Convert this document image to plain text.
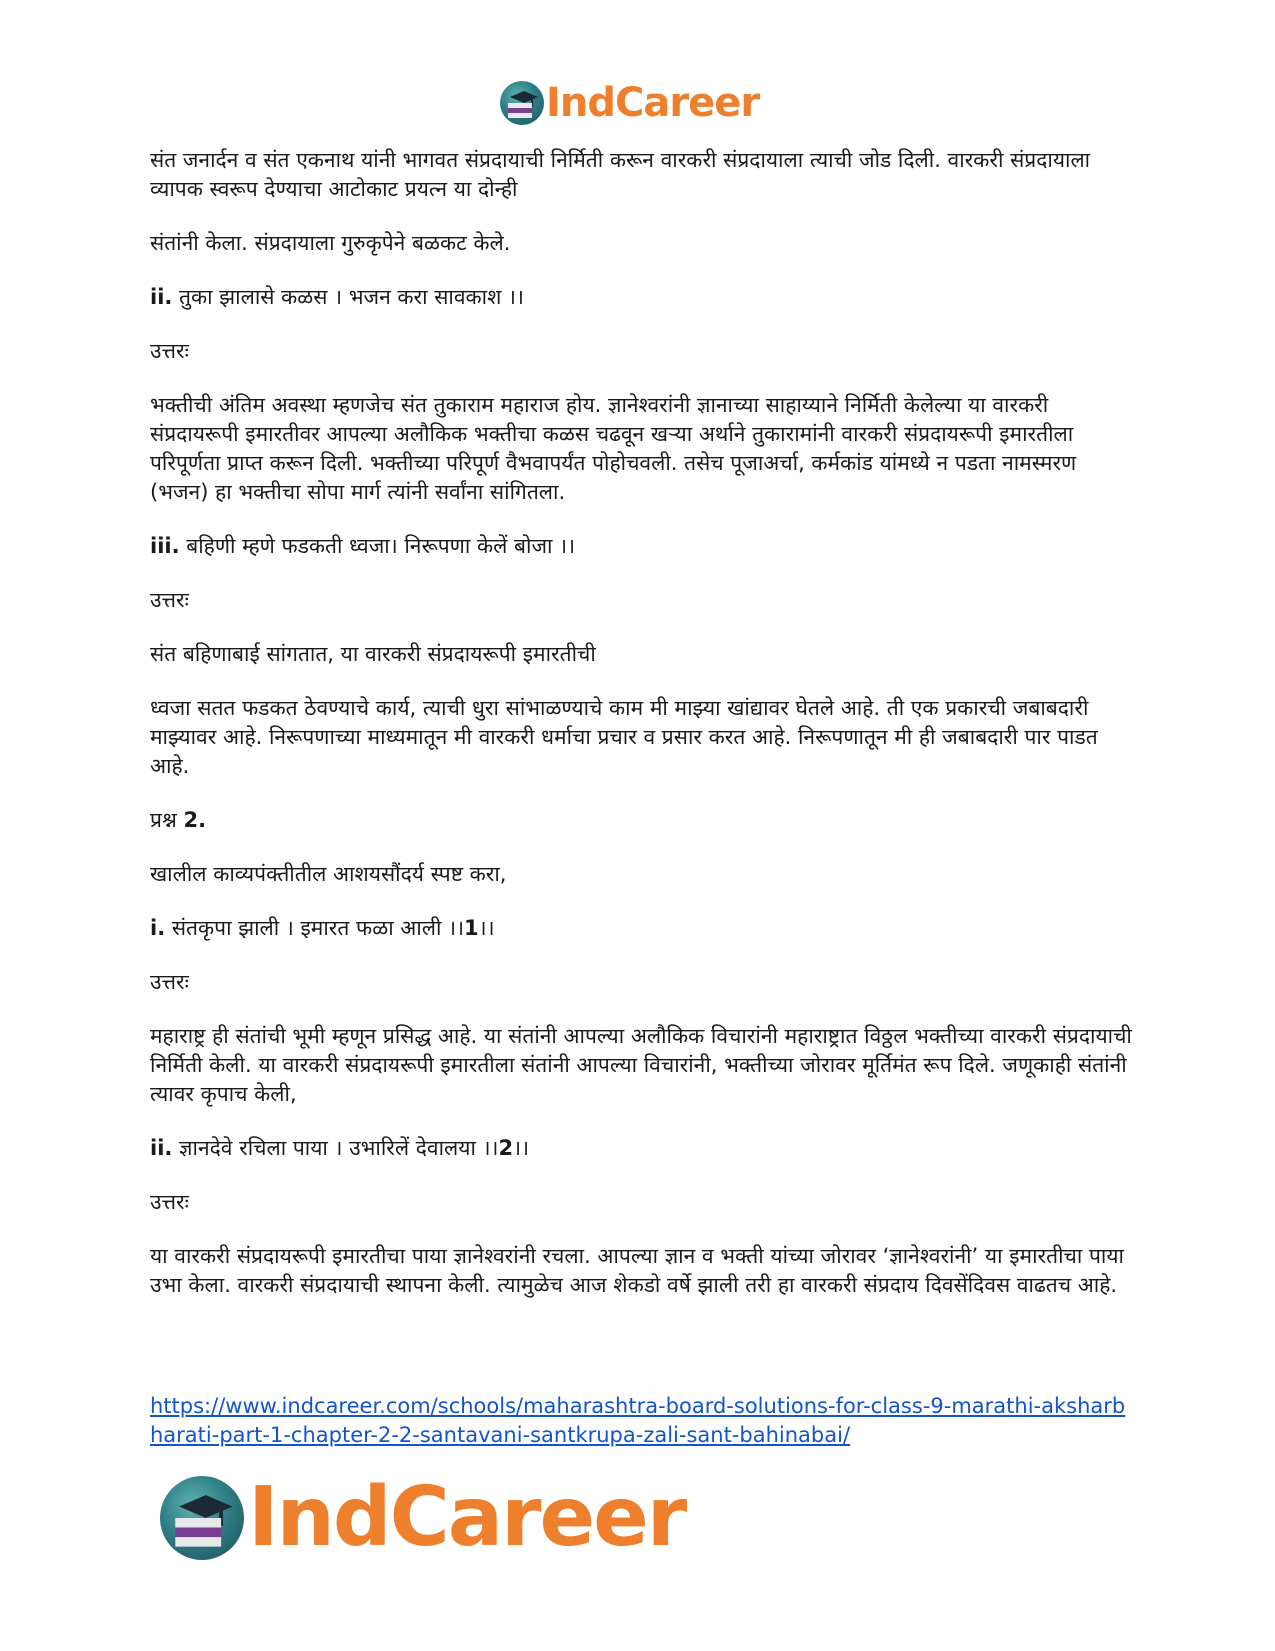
IndCareer

संत जनार्दन व संत एकनाथ यांनी भागवत संप्रदायाची निर्मिती करून वारकरी संप्रदायाला त्याची जोड दिली. वारकरी संप्रदायाला व्यापक स्वरूप देण्याचा आटोकाट प्रयत्न या दोन्ही

संतांनी केला. संप्रदायाला गुरुकृपेने बळकट केले.

ii. तुका झालासे कळस । भजन करा सावकाश ।।

उत्तरः

भक्तीची अंतिम अवस्था म्हणजेच संत तुकाराम महाराज होय. ज्ञानेश्वरांनी ज्ञानाच्या साहाय्याने निर्मिती केलेल्या या वारकरी संप्रदायरूपी इमारतीवर आपल्या अलौकिक भक्तीचा कळस चढवून खऱ्या अर्थाने तुकारामांनी वारकरी संप्रदायरूपी इमारतीला परिपूर्णता प्राप्त करून दिली. भक्तीच्या परिपूर्ण वैभवापर्यंत पोहोचवली. तसेच पूजाअर्चा, कर्मकांड यांमध्ये न पडता नामस्मरण (भजन) हा भक्तीचा सोपा मार्ग त्यांनी सर्वांना सांगितला.

iii. बहिणी म्हणे फडकती ध्वजा। निरूपणा केलें बोजा ।।

उत्तरः

संत बहिणाबाई सांगतात, या वारकरी संप्रदायरूपी इमारतीची

ध्वजा सतत फडकत ठेवण्याचे कार्य, त्याची धुरा सांभाळण्याचे काम मी माझ्या खांद्यावर घेतले आहे. ती एक प्रकारची जबाबदारी माझ्यावर आहे. निरूपणाच्या माध्यमातून मी वारकरी धर्माचा प्रचार व प्रसार करत आहे. निरूपणातून मी ही जबाबदारी पार पाडत आहे.

प्रश्न 2.

खालील काव्यपंक्तीतील आशयसौंदर्य स्पष्ट करा,

i. संतकृपा झाली । इमारत फळा आली ।।1।।

उत्तरः

महाराष्ट्र ही संतांची भूमी म्हणून प्रसिद्ध आहे. या संतांनी आपल्या अलौकिक विचारांनी महाराष्ट्रात विठ्ठल भक्तीच्या वारकरी संप्रदायाची निर्मिती केली. या वारकरी संप्रदायरूपी इमारतीला संतांनी आपल्या विचारांनी, भक्तीच्या जोरावर मूर्तिमंत रूप दिले. जणूकाही संतांनी त्यावर कृपाच केली,

ii. ज्ञानदेवे रचिला पाया । उभारिलें देवालया ।।2।।

उत्तरः

या वारकरी संप्रदायरूपी इमारतीचा पाया ज्ञानेश्वरांनी रचला. आपल्या ज्ञान व भक्ती यांच्या जोरावर ‘ज्ञानेश्वरांनी’ या इमारतीचा पाया उभा केला. वारकरी संप्रदायाची स्थापना केली. त्यामुळेच आज शेकडो वर्षे झाली तरी हा वारकरी संप्रदाय दिवसेंदिवस वाढतच आहे.

https://www.indcareer.com/schools/maharashtra-board-solutions-for-class-9-marathi-aksharbharati-part-1-chapter-2-2-santavani-santkrupa-zali-sant-bahinabai/
IndCareer
